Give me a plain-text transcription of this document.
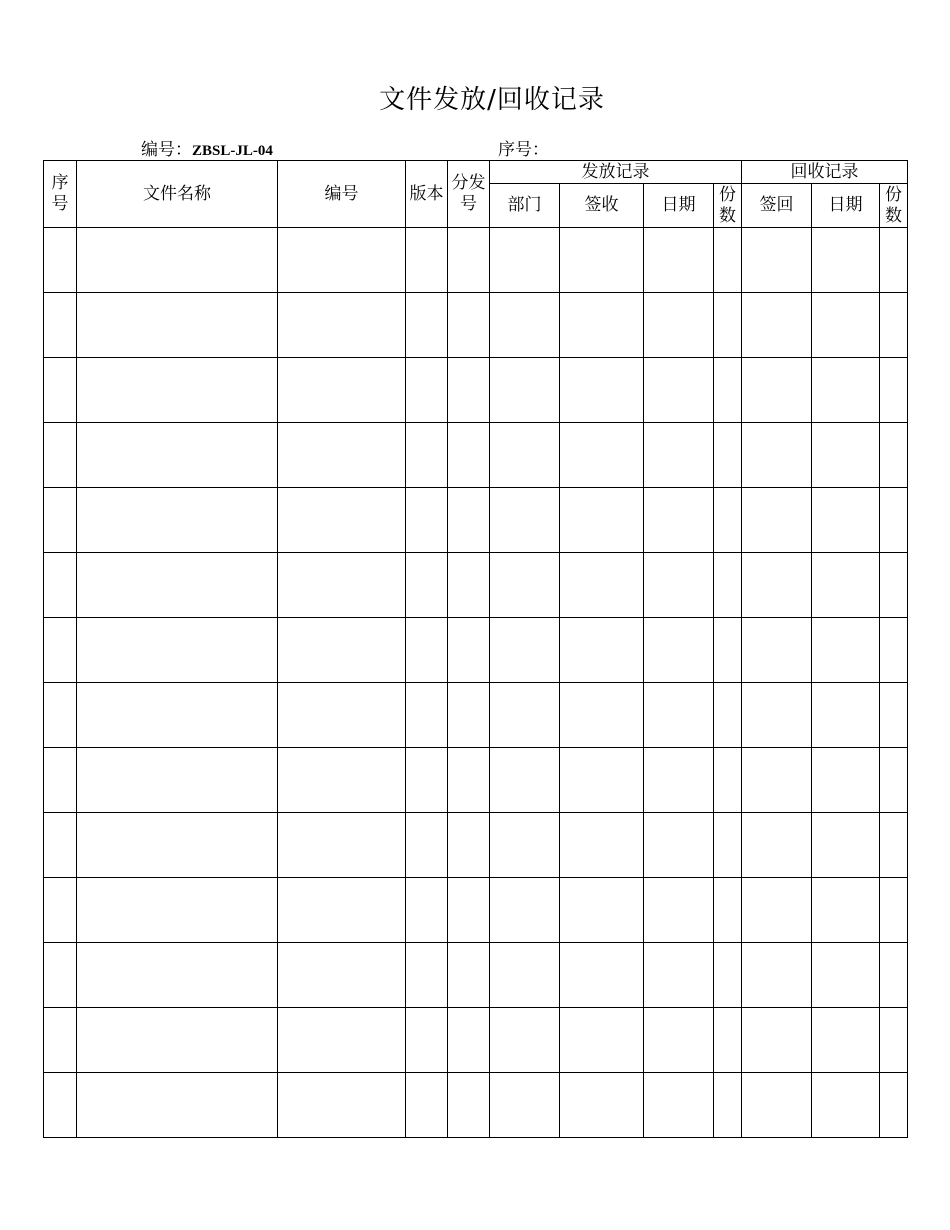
文件发放/回收记录
编号：ZBSL-JL-04	序号：
序号	文件名称	编号	版本	分发号	发放记录				回收记录		
					部门	签收	日期	份数	签回	日期	份数
